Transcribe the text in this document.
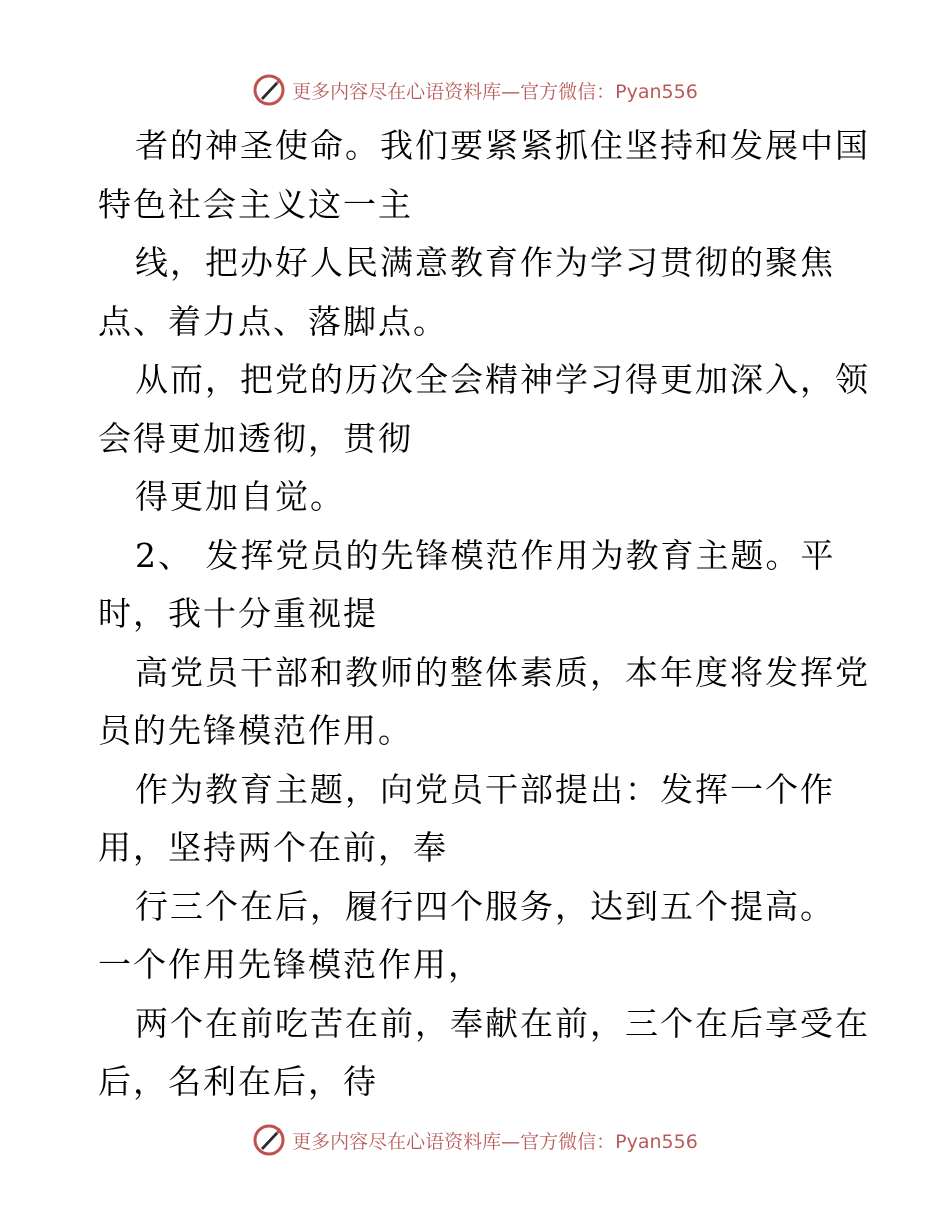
更多内容尽在心语资料库—官方微信：Pyan556
者的神圣使命。我们要紧紧抓住坚持和发展中国
特色社会主义这一主
线，把办好人民满意教育作为学习贯彻的聚焦
点、着力点、落脚点。
从而，把党的历次全会精神学习得更加深入，领
会得更加透彻，贯彻
得更加自觉。
2、 发挥党员的先锋模范作用为教育主题。平
时，我十分重视提
高党员干部和教师的整体素质，本年度将发挥党
员的先锋模范作用。
作为教育主题，向党员干部提出：发挥一个作
用，坚持两个在前，奉
行三个在后，履行四个服务，达到五个提高。
一个作用先锋模范作用，
两个在前吃苦在前，奉献在前，三个在后享受在
后，名利在后，待
更多内容尽在心语资料库—官方微信：Pyan556
